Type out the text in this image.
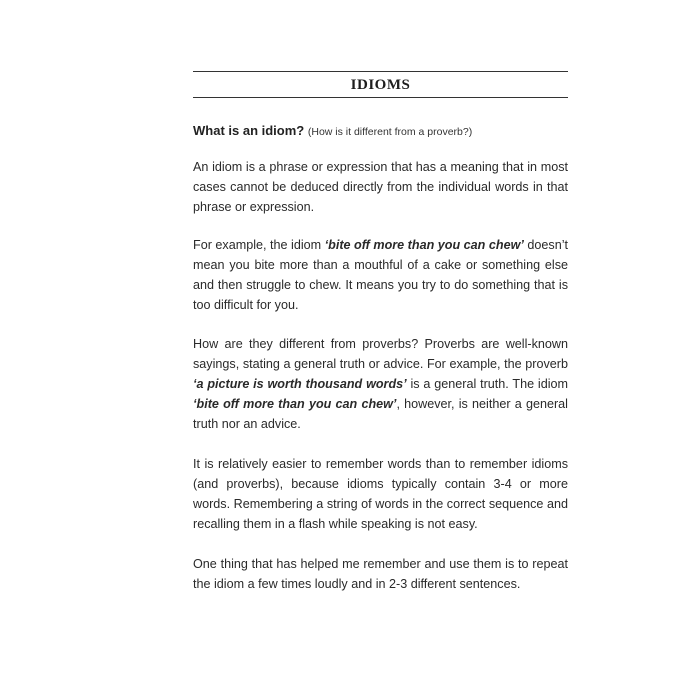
IDIOMS
What is an idiom? (How is it different from a proverb?)

An idiom is a phrase or expression that has a meaning that in most cases cannot be deduced directly from the individual words in that phrase or expression.

For example, the idiom ‘bite off more than you can chew’ doesn’t mean you bite more than a mouthful of a cake or something else and then struggle to chew. It means you try to do something that is too difficult for you.

How are they different from proverbs? Proverbs are well-known sayings, stating a general truth or advice. For example, the proverb ‘a picture is worth thousand words’ is a general truth. The idiom ‘bite off more than you can chew’, however, is neither a general truth nor an advice.

It is relatively easier to remember words than to remember idioms (and proverbs), because idioms typically contain 3-4 or more words. Remembering a string of words in the correct sequence and recalling them in a flash while speaking is not easy.

One thing that has helped me remember and use them is to repeat the idiom a few times loudly and in 2-3 different sentences.
